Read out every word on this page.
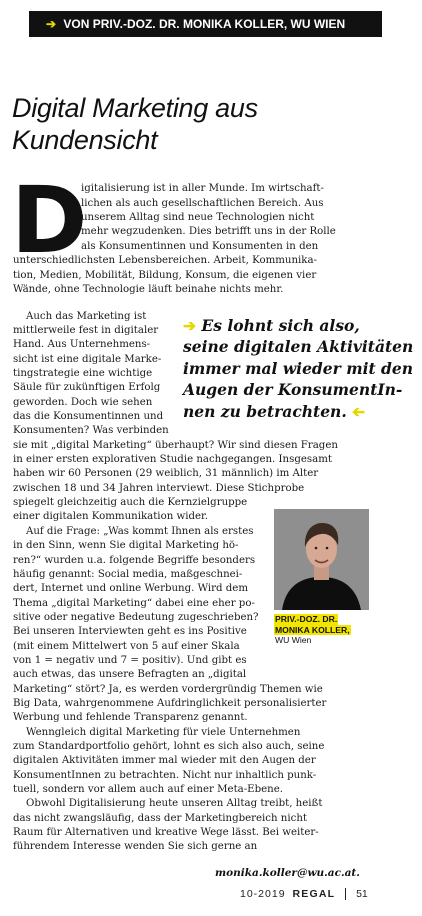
➔ VON PRIV.-DOZ. DR. MONIKA KOLLER, WU WIEN
Digital Marketing aus Kundensicht
D
igitalisierung ist in aller Munde. Im wirtschaft-
lichen als auch gesellschaftlichen Bereich. Aus
unserem Alltag sind neue Technologien nicht
mehr wegzudenken. Dies betrifft uns in der Rolle
als Konsumentinnen und Konsumenten in den
unterschiedlichsten Lebensbereichen. Arbeit, Kommunika-
tion, Medien, Mobilität, Bildung, Konsum, die eigenen vier
Wände, ohne Technologie läuft beinahe nichts mehr.
Auch das Marketing ist
mittlerweile fest in digitaler
Hand. Aus Unternehmens-
sicht ist eine digitale Marke-
tingstrategie eine wichtige
Säule für zukünftigen Erfolg
geworden. Doch wie sehen
das die Konsumentinnen und
Konsumenten? Was verbinden
sie mit „digital Marketing“ überhaupt? Wir sind diesen Fragen
in einer ersten explorativen Studie nachgegangen. Insgesamt
haben wir 60 Personen (29 weiblich, 31 männlich) im Alter
zwischen 18 und 34 Jahren interviewt. Diese Stichprobe
spiegelt gleichzeitig auch die Kernzielgruppe
einer digitalen Kommunikation wider.
Auf die Frage: „Was kommt Ihnen als erstes
in den Sinn, wenn Sie digital Marketing hö-
ren?“ wurden u.a. folgende Begriffe besonders
häufig genannt: Social media, maßgeschnei-
dert, Internet und online Werbung. Wird dem
Thema „digital Marketing“ dabei eine eher po-
sitive oder negative Bedeutung zugeschrieben?
Bei unseren Interviewten geht es ins Positive
(mit einem Mittelwert von 5 auf einer Skala
von 1 = negativ und 7 = positiv). Und gibt es
auch etwas, das unsere Befragten an „digital
Marketing“ stört? Ja, es werden vordergründig Themen wie
Big Data, wahrgenommene Aufdringlichkeit personalisierter
Werbung und fehlende Transparenz genannt.
Wenngleich digital Marketing für viele Unternehmen
zum Standardportfolio gehört, lohnt es sich also auch, seine
digitalen Aktivitäten immer mal wieder mit den Augen der
KonsumentInnen zu betrachten. Nicht nur inhaltlich punk-
tuell, sondern vor allem auch auf einer Meta-Ebene.
Obwohl Digitalisierung heute unseren Alltag treibt, heißt
das nicht zwangsläufig, dass der Marketingbereich nicht
Raum für Alternativen und kreative Wege lässt. Bei weiter-
führendem Interesse wenden Sie sich gerne an
➔ Es lohnt sich also,
seine digitalen Aktivitäten
immer mal wieder mit den
Augen der KonsumentIn-
nen zu betrachten. ➔
PRIV.-DOZ. DR.
MONIKA KOLLER,
WU Wien
monika.koller@wu.ac.at.
10-2019 REGAL 51
